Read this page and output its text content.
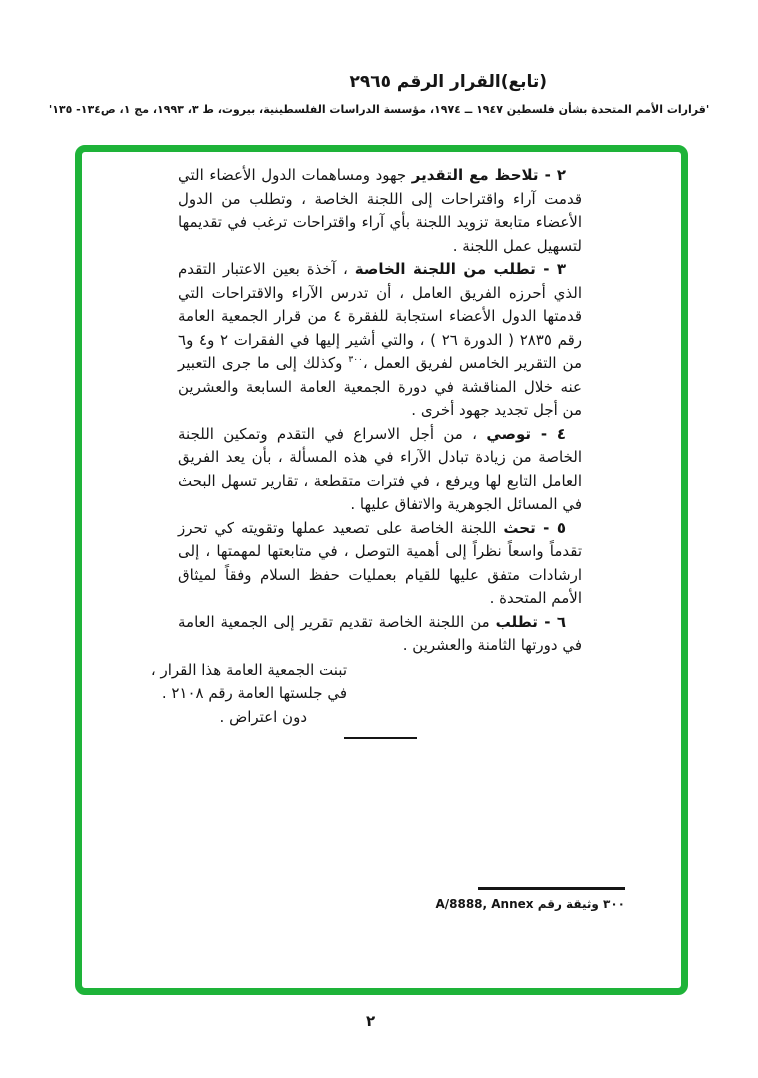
(تابع)القرار الرقم ٢٩٦٥
'قرارات الأمم المتحدة بشأن فلسطين ١٩٤٧ ــ ١٩٧٤، مؤسسة الدراسات الفلسطينية، بيروت، ط ٣، ١٩٩٣، مج ١، ص١٣٤- ١٣٥'

٢ - تلاحظ مع التقدير جهود ومساهمات الدول الأعضاء التي قدمت آراء واقتراحات إلى اللجنة الخاصة ، وتطلب من الدول الأعضاء متابعة تزويد اللجنة بأي آراء واقتراحات ترغب في تقديمها لتسهيل عمل اللجنة .

٣ - تطلب من اللجنة الخاصة ، آخذة بعين الاعتبار التقدم الذي أحرزه الفريق العامل ، أن تدرس الآراء والاقتراحات التي قدمتها الدول الأعضاء استجابة للفقرة ٤ من قرار الجمعية العامة رقم ٢٨٣٥ ( الدورة ٢٦ ) ، والتي أشير إليها في الفقرات ٢ و٤ و٦ من التقرير الخامس لفريق العمل ،$^{٣٠٠}$ وكذلك إلى ما جرى التعبير عنه خلال المناقشة في دورة الجمعية العامة السابعة والعشرين من أجل تجديد جهود أخرى .

٤ - توصي ، من أجل الاسراع في التقدم وتمكين اللجنة الخاصة من زيادة تبادل الآراء في هذه المسألة ، بأن يعد الفريق العامل التابع لها ويرفع ، في فترات متقطعة ، تقارير تسهل البحث في المسائل الجوهرية والاتفاق عليها .

٥ - تحث اللجنة الخاصة على تصعيد عملها وتقويته كي تحرز تقدماً واسعاً نظراً إلى أهمية التوصل ، في متابعتها لمهمتها ، إلى ارشادات متفق عليها للقيام بعمليات حفظ السلام وفقاً لميثاق الأمم المتحدة .

٦ - تطلب من اللجنة الخاصة تقديم تقرير إلى الجمعية العامة في دورتها الثامنة والعشرين .

تبنت الجمعية العامة هذا القرار ،
في جلستها العامة رقم ٢١٠٨ .
دون اعتراض .
٣٠٠ وثيقة رقم A/8888, Annex
٢
